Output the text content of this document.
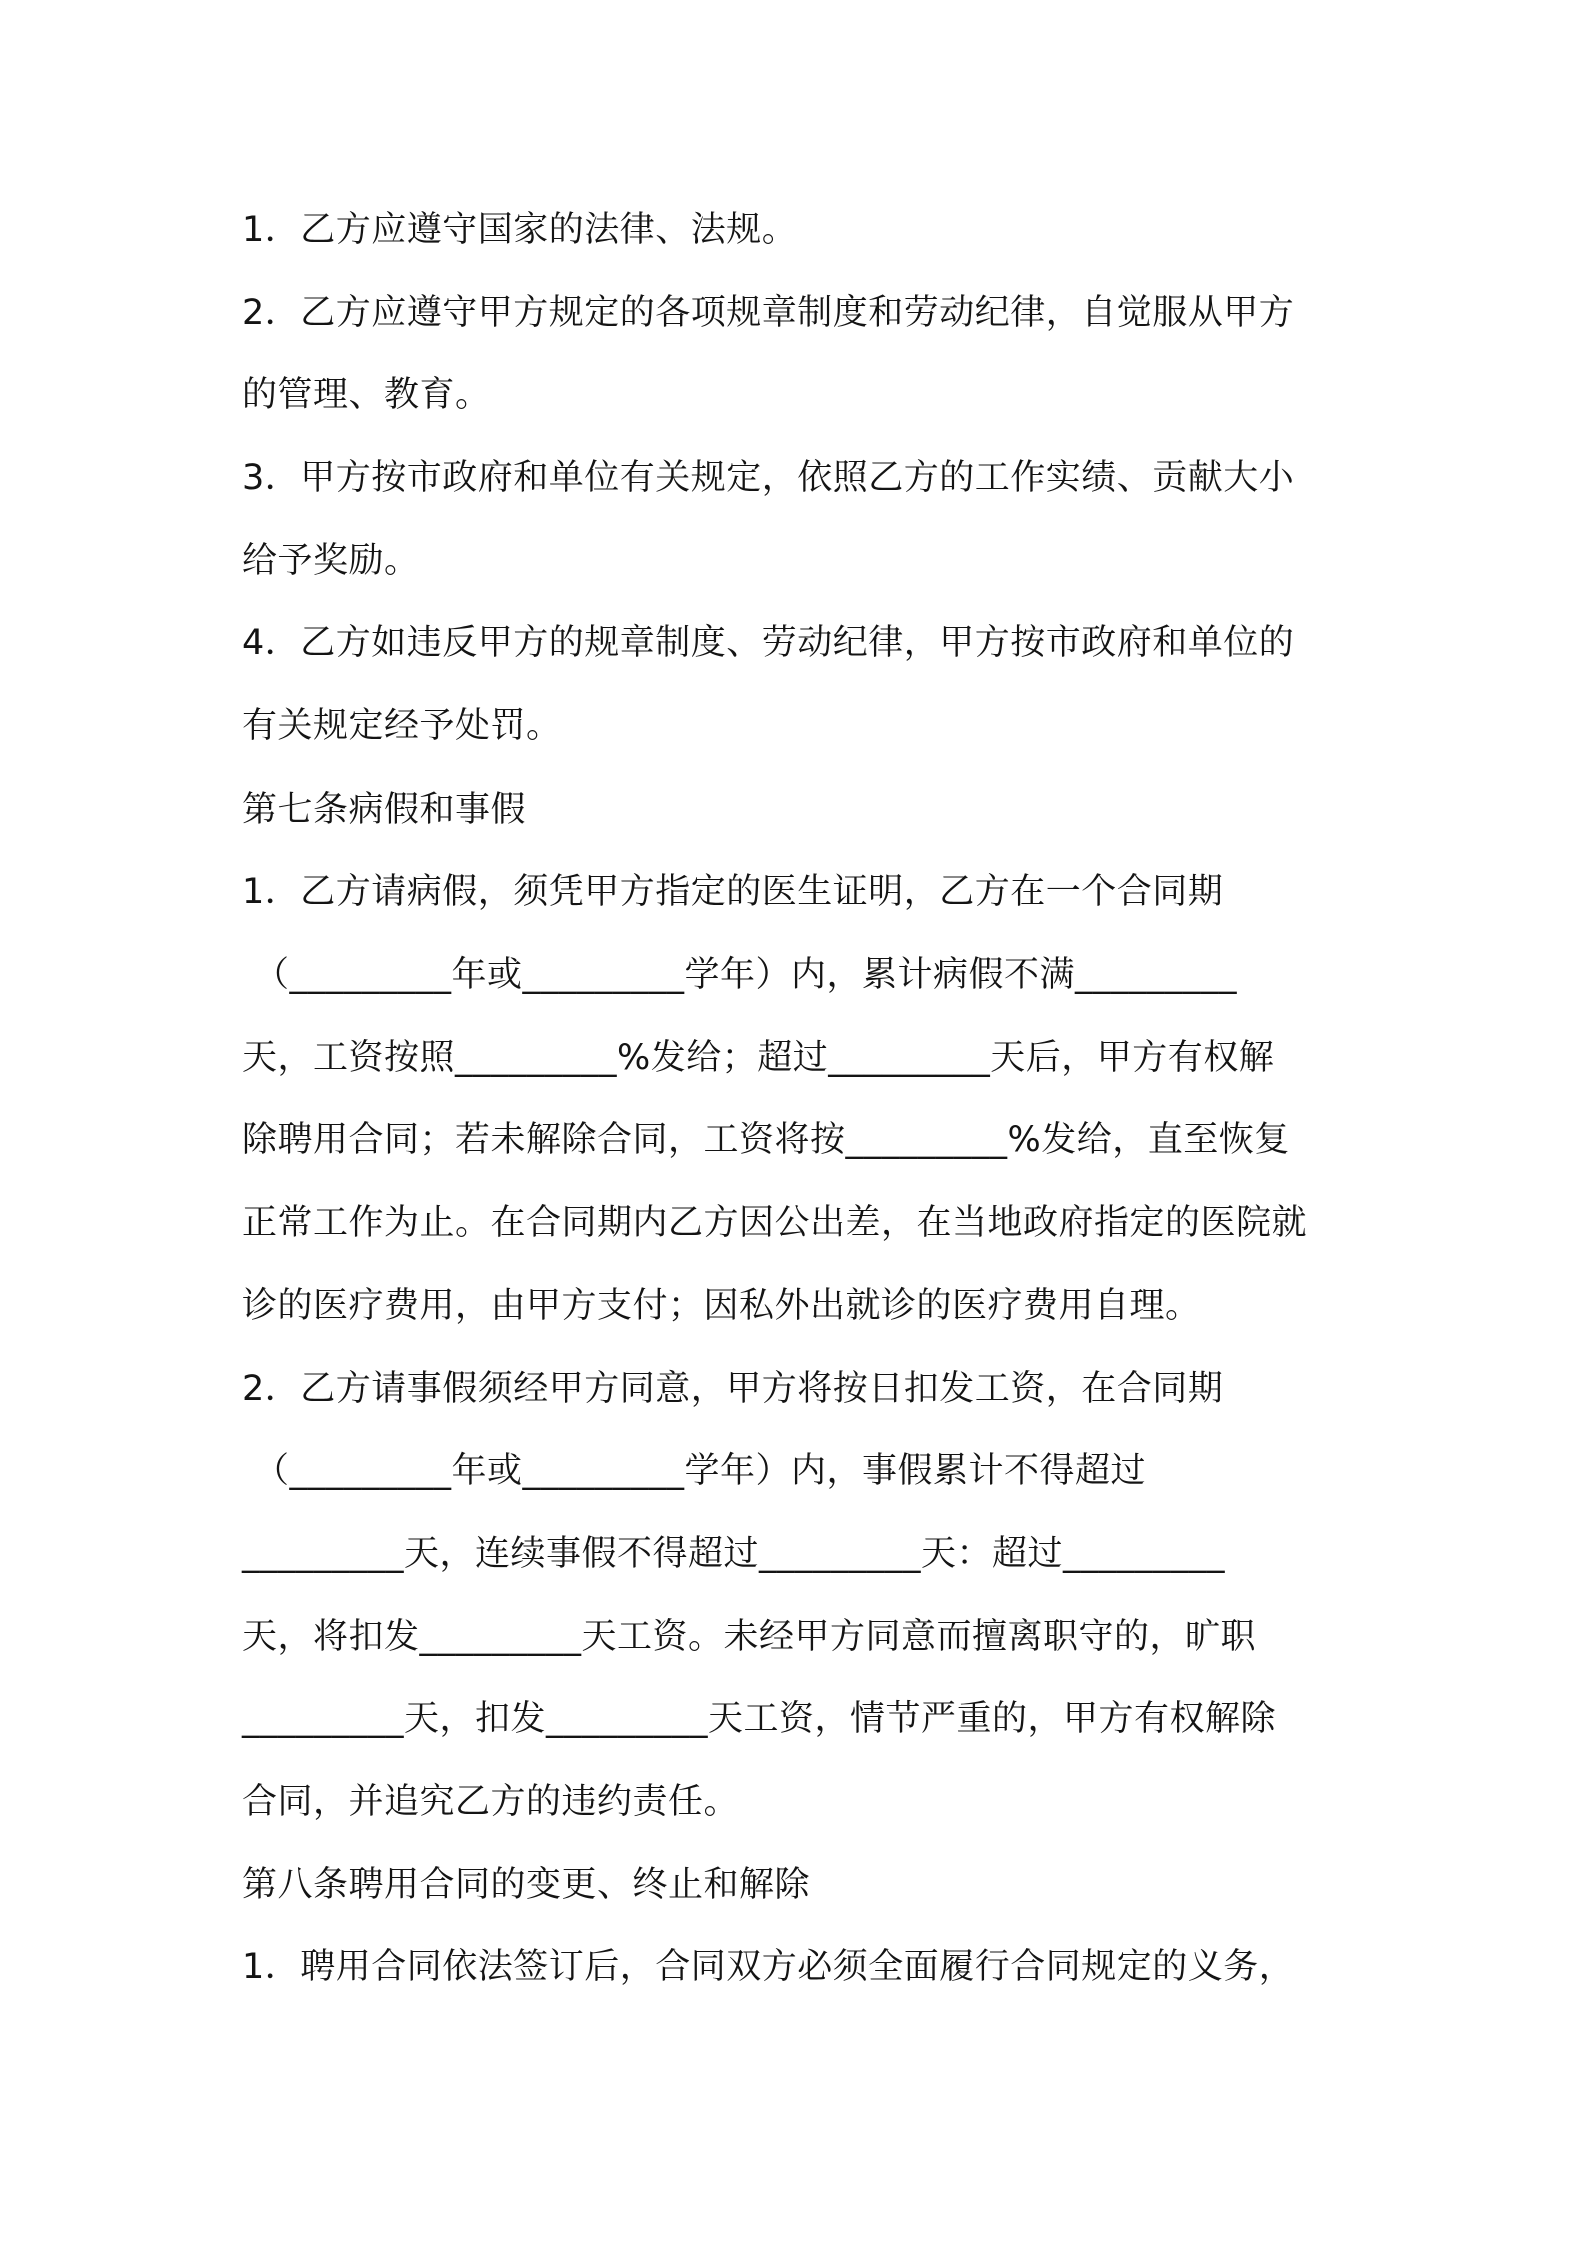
1．乙方应遵守国家的法律、法规。
2．乙方应遵守甲方规定的各项规章制度和劳动纪律，自觉服从甲方
的管理、教育。
3．甲方按市政府和单位有关规定，依照乙方的工作实绩、贡献大小
给予奖励。
4．乙方如违反甲方的规章制度、劳动纪律，甲方按市政府和单位的
有关规定经予处罚。
第七条病假和事假
1．乙方请病假，须凭甲方指定的医生证明，乙方在一个合同期
（_________年或_________学年）内，累计病假不满_________
天，工资按照_________%发给；超过_________天后，甲方有权解
除聘用合同；若未解除合同，工资将按_________%发给，直至恢复
正常工作为止。在合同期内乙方因公出差，在当地政府指定的医院就
诊的医疗费用，由甲方支付；因私外出就诊的医疗费用自理。
2．乙方请事假须经甲方同意，甲方将按日扣发工资，在合同期
（_________年或_________学年）内，事假累计不得超过
_________天，连续事假不得超过_________天：超过_________
天，将扣发_________天工资。未经甲方同意而擅离职守的，旷职
_________天，扣发_________天工资，情节严重的，甲方有权解除
合同，并追究乙方的违约责任。
第八条聘用合同的变更、终止和解除
1．聘用合同依法签订后，合同双方必须全面履行合同规定的义务，
